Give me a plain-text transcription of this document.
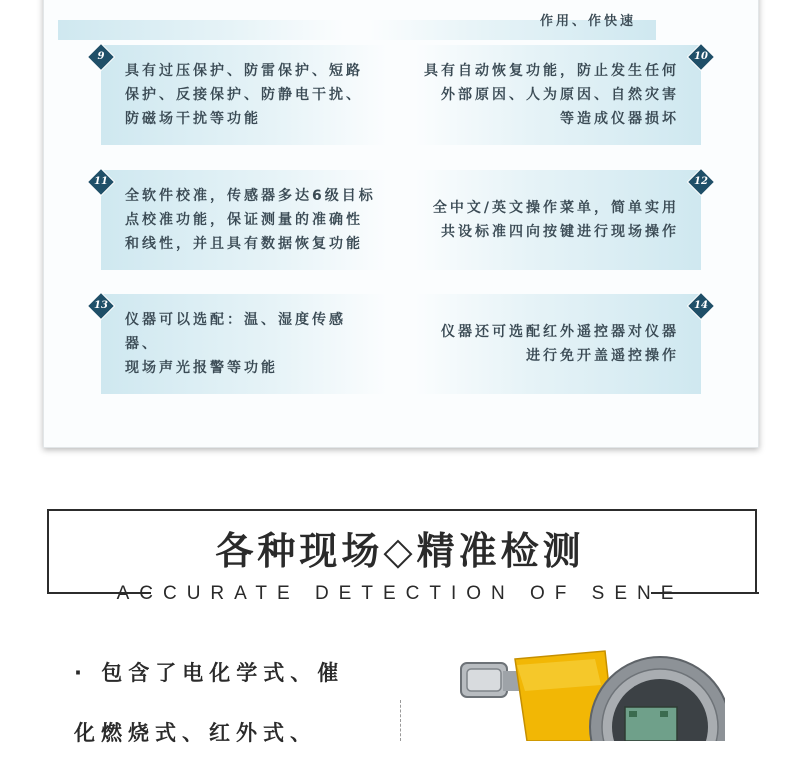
作用、作快速
具有过压保护、防雷保护、短路
保护、反接保护、防静电干扰、
防磁场干扰等功能
9
具有自动恢复功能，防止发生任何
外部原因、人为原因、自然灾害
等造成仪器损坏
10
全软件校准，传感器多达6级目标
点校准功能，保证测量的准确性
和线性，并且具有数据恢复功能
11
全中文/英文操作菜单，简单实用
共设标准四向按键进行现场操作
12
仪器可以选配：温、湿度传感器、
现场声光报警等功能
13
仪器还可选配红外遥控器对仪器
进行免开盖遥控操作
14
各种现场◇精准检测
ACCURATE DETECTION OF SENE
· 包含了电化学式、催
化燃烧式、红外式、
